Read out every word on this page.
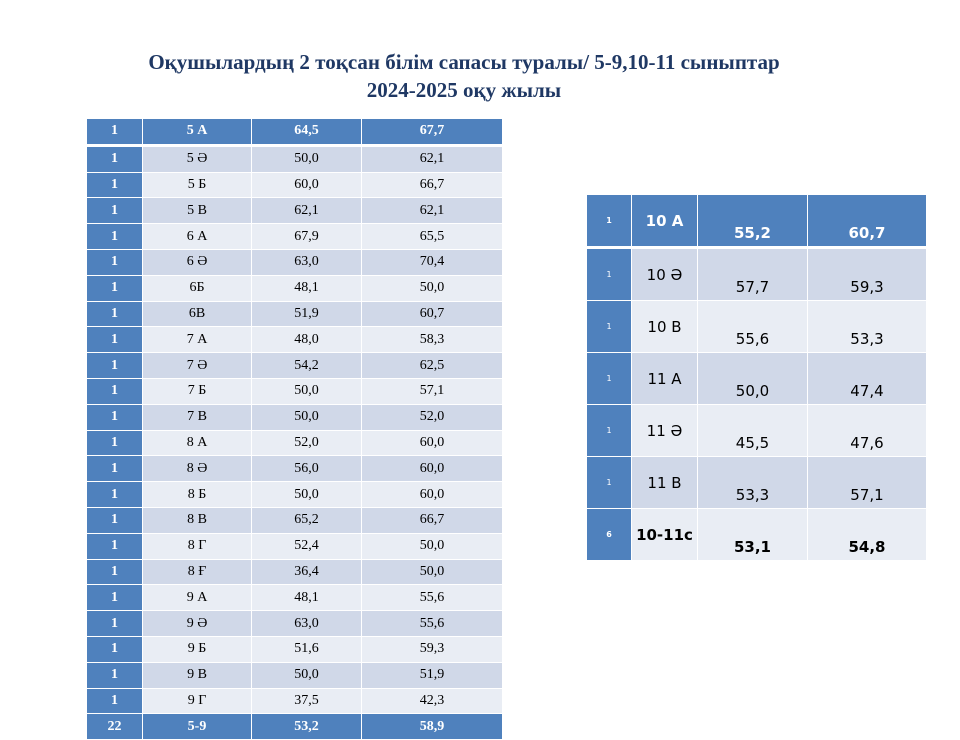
Оқушылардың 2 тоқсан білім сапасы туралы/ 5-9,10-11 сыныптар
2024-2025 оқу жылы
1	5 А	64,5	67,7
1	5 Ә	50,0	62,1
1	5 Б	60,0	66,7
1	5 В	62,1	62,1
1	6 А	67,9	65,5
1	6 Ә	63,0	70,4
1	6Б	48,1	50,0
1	6В	51,9	60,7
1	7 А	48,0	58,3
1	7 Ә	54,2	62,5
1	7 Б	50,0	57,1
1	7 В	50,0	52,0
1	8 А	52,0	60,0
1	8 Ә	56,0	60,0
1	8 Б	50,0	60,0
1	8 В	65,2	66,7
1	8 Г	52,4	50,0
1	8 Ғ	36,4	50,0
1	9 А	48,1	55,6
1	9 Ә	63,0	55,6
1	9 Б	51,6	59,3
1	9 В	50,0	51,9
1	9 Г	37,5	42,3
22	5-9	53,2	58,9
1	10 А	55,2	60,7
1	10 Ә	57,7	59,3
1	10 В	55,6	53,3
1	11 А	50,0	47,4
1	11 Ә	45,5	47,6
1	11 В	53,3	57,1
6	10-11с	53,1	54,8
